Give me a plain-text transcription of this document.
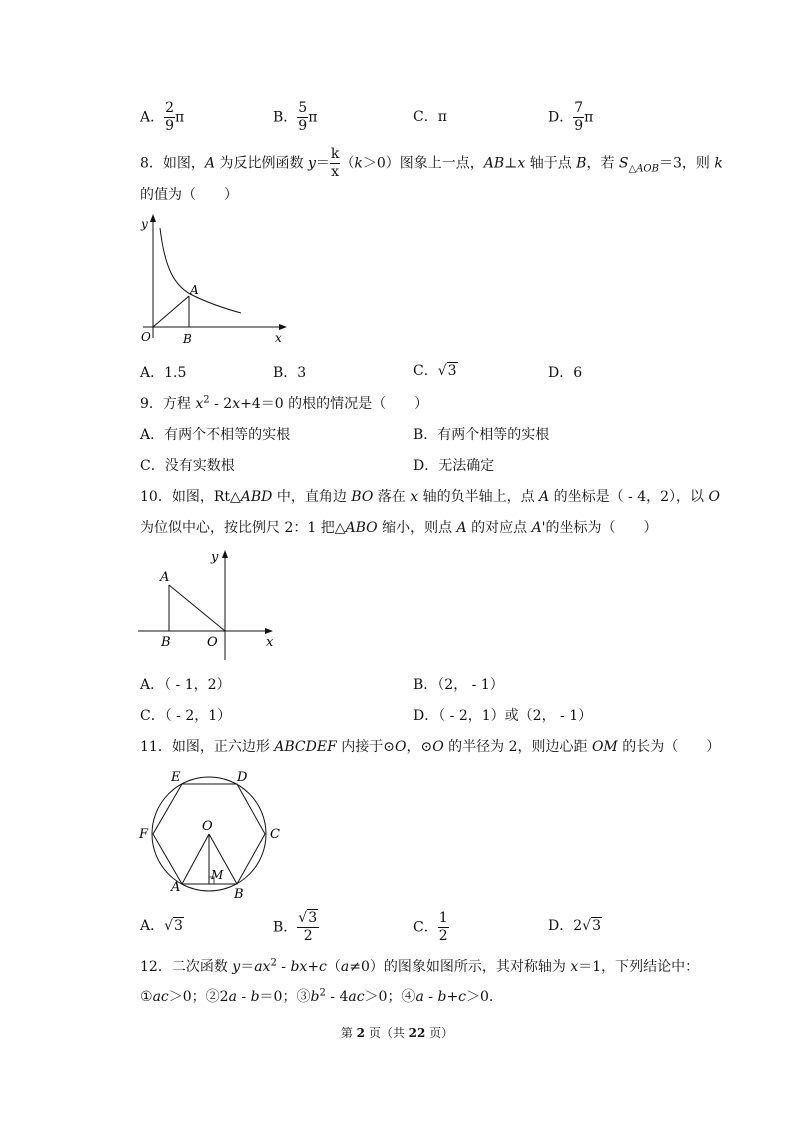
A． $\frac{2}{9}$ π	B． $\frac{5}{9}$ π	C．π	D． $\frac{7}{9}$ π
8．如图，A 为反比例函数 $y= \frac{k}{x} (k>0)$图象上一点，AB⊥x 轴于点 B，若 $S_{\triangle AOB}=3$，则 k
的值为（　　）
y
A
O	B	x
A．1.5	B．3	C．√3	D．6
9．方程 $x^2 - 2x+4=0$ 的根的情况是（　　）
A．有两个不相等的实根	B．有两个相等的实根
C．没有实数根	D．无法确定
10．如图，Rt△ABD 中，直角边 BO 落在 x 轴的负半轴上，点 A 的坐标是（ - 4，2），以 O
为位似中心，按比例尺 2：1 把△ABO 缩小，则点 A 的对应点 A'的坐标为（　　）
y
A
B	O	x
A．（ - 1，2）	B．（2， - 1）
C．（ - 2，1）	D．（ - 2，1）或（2， - 1）
11．如图，正六边形 ABCDEF 内接于⊙O，⊙O 的半径为 2，则边心距 OM 的长为（　　）
E	D
F	C
O
A
M
B
A．√3	B． $\frac{√3}{2}$	C． $\frac{1}{2}$	D．2√3
12．二次函数 $y=ax^2 - bx+c(a\ne 0)$的图象如图所示，其对称轴为 x＝1，下列结论中：
①ac＞0；②2a - b＝0；$③b^2 - 4ac>0$；④a - b+c＞0.
第 2 页（共 22 页）
